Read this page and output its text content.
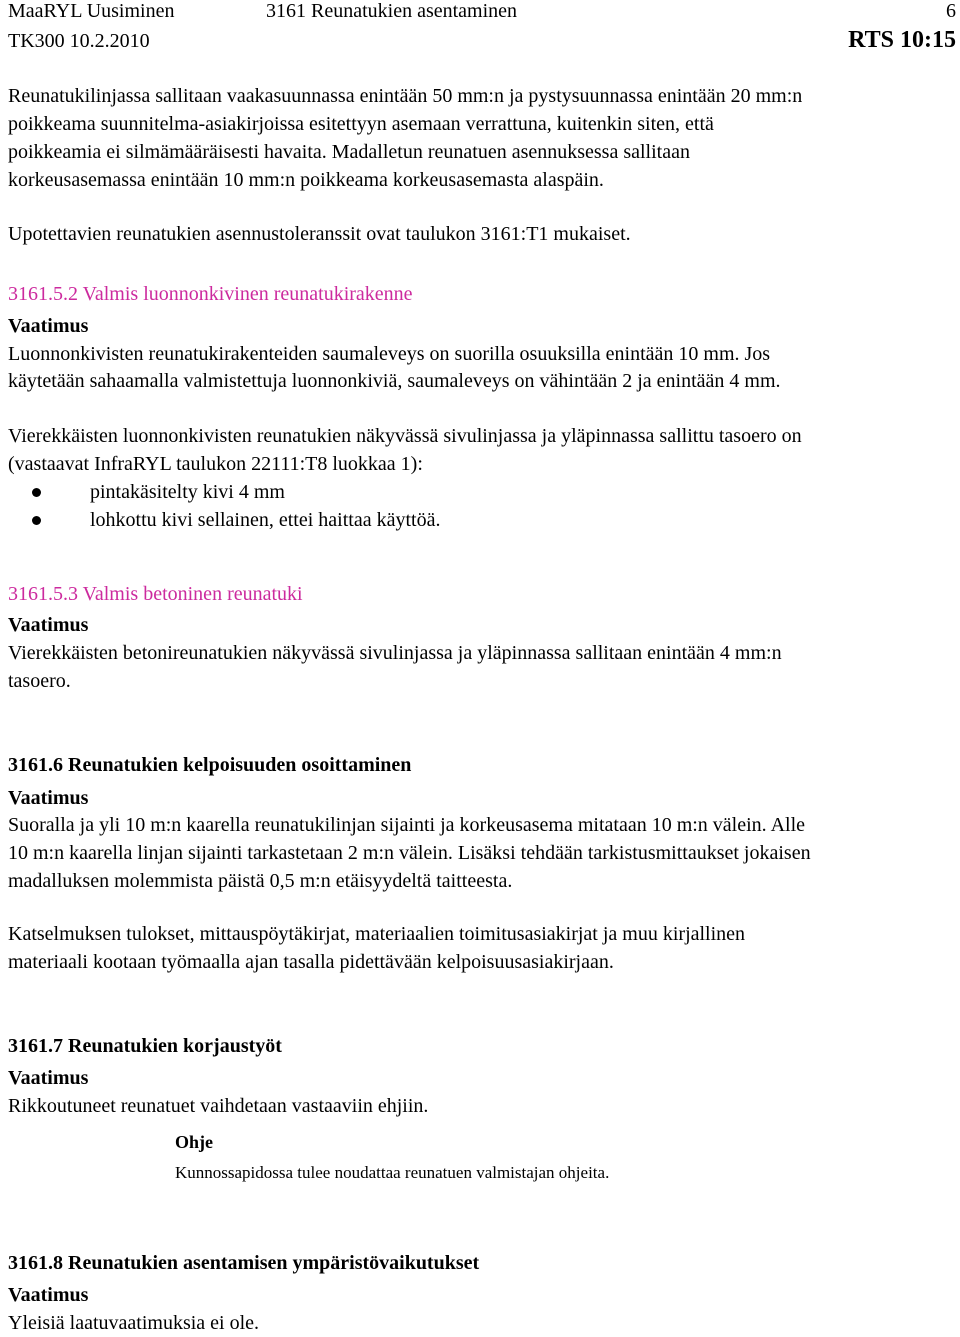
MaaRYL Uusiminen	3161 Reunatukien asentaminen	6
TK300 10.2.2010	RTS 10:15
Reunatukilinjassa sallitaan vaakasuunnassa enintään 50 mm:n ja pystysuunnassa enintään 20 mm:n
poikkeama suunnitelma-asiakirjoissa esitettyyn asemaan verrattuna, kuitenkin siten, että
poikkeamia ei silmämääräisesti havaita. Madalletun reunatuen asennuksessa sallitaan
korkeusasemassa enintään 10 mm:n poikkeama korkeusasemasta alaspäin.
Upotettavien reunatukien asennustoleranssit ovat taulukon 3161:T1 mukaiset.
3161.5.2 Valmis luonnonkivinen reunatukirakenne
Vaatimus
Luonnonkivisten reunatukirakenteiden saumaleveys on suorilla osuuksilla enintään 10 mm. Jos
käytetään sahaamalla valmistettuja luonnonkiviä, saumaleveys on vähintään 2 ja enintään 4 mm.
Vierekkäisten luonnonkivisten reunatukien näkyvässä sivulinjassa ja yläpinnassa sallittu tasoero on
(vastaavat InfraRYL taulukon 22111:T8 luokkaa 1):
pintakäsitelty kivi 4 mm
lohkottu kivi sellainen, ettei haittaa käyttöä.
3161.5.3 Valmis betoninen reunatuki
Vaatimus
Vierekkäisten betonireunatukien näkyvässä sivulinjassa ja yläpinnassa sallitaan enintään 4 mm:n
tasoero.
3161.6 Reunatukien kelpoisuuden osoittaminen
Vaatimus
Suoralla ja yli 10 m:n kaarella reunatukilinjan sijainti ja korkeusasema mitataan 10 m:n välein. Alle
10 m:n kaarella linjan sijainti tarkastetaan 2 m:n välein. Lisäksi tehdään tarkistusmittaukset jokaisen
madalluksen molemmista päistä 0,5 m:n etäisyydeltä taitteesta.
Katselmuksen tulokset, mittauspöytäkirjat, materiaalien toimitusasiakirjat ja muu kirjallinen
materiaali kootaan työmaalla ajan tasalla pidettävään kelpoisuusasiakirjaan.
3161.7 Reunatukien korjaustyöt
Vaatimus
Rikkoutuneet reunatuet vaihdetaan vastaaviin ehjiin.
Ohje
Kunnossapidossa tulee noudattaa reunatuen valmistajan ohjeita.
3161.8 Reunatukien asentamisen ympäristövaikutukset
Vaatimus
Yleisiä laatuvaatimuksia ei ole.
